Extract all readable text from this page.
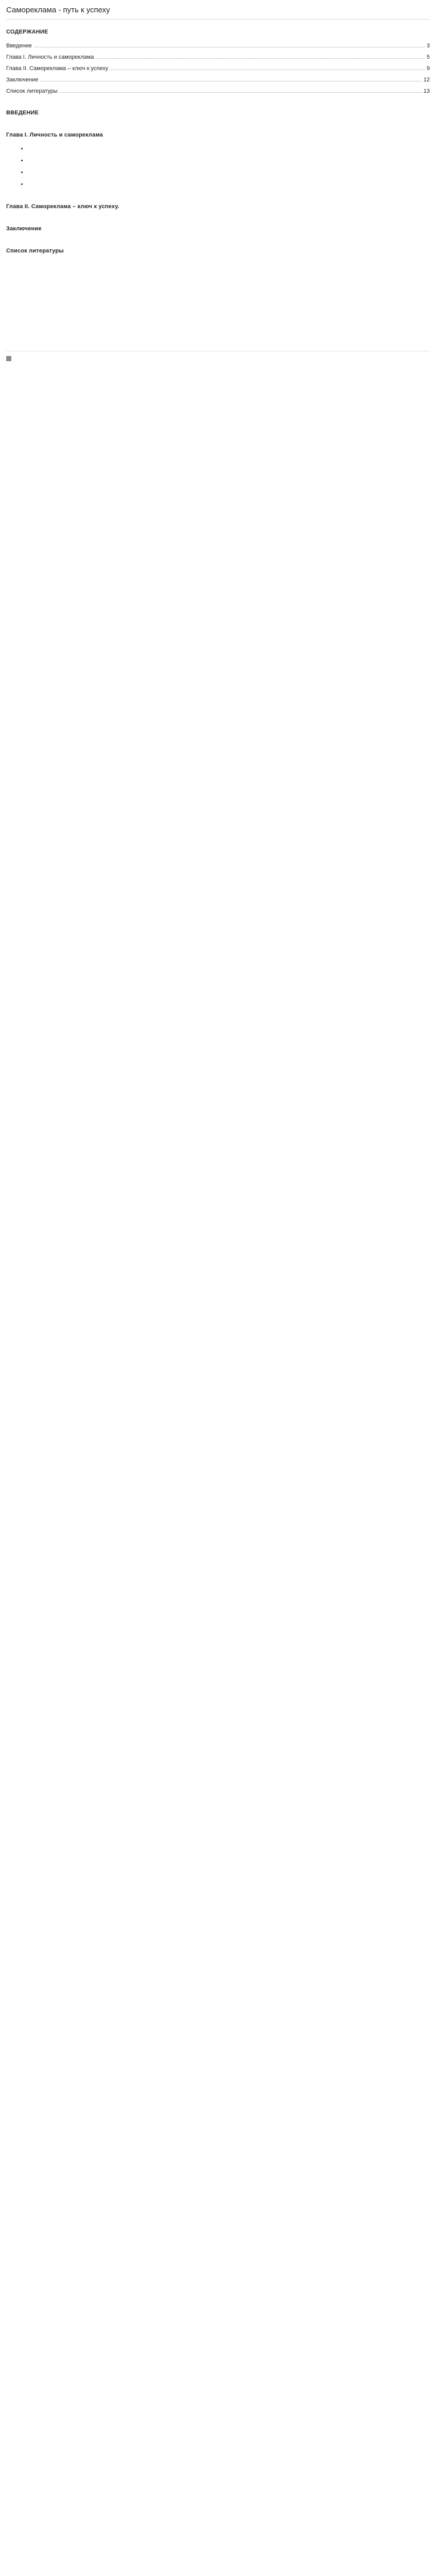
Самореклама - путь к успеху
СОДЕРЖАНИЕ
Введение	3
Глава I. Личность и самореклама	5
Глава II. Самореклама – ключ к успеху	9
Заключение	12
Список литературы	13
ВВЕДЕНИЕ

Глава I. Личность и самореклама

•
•
•
•

Глава II. Самореклама – ключ к успеху.

Заключение

Список литературы
